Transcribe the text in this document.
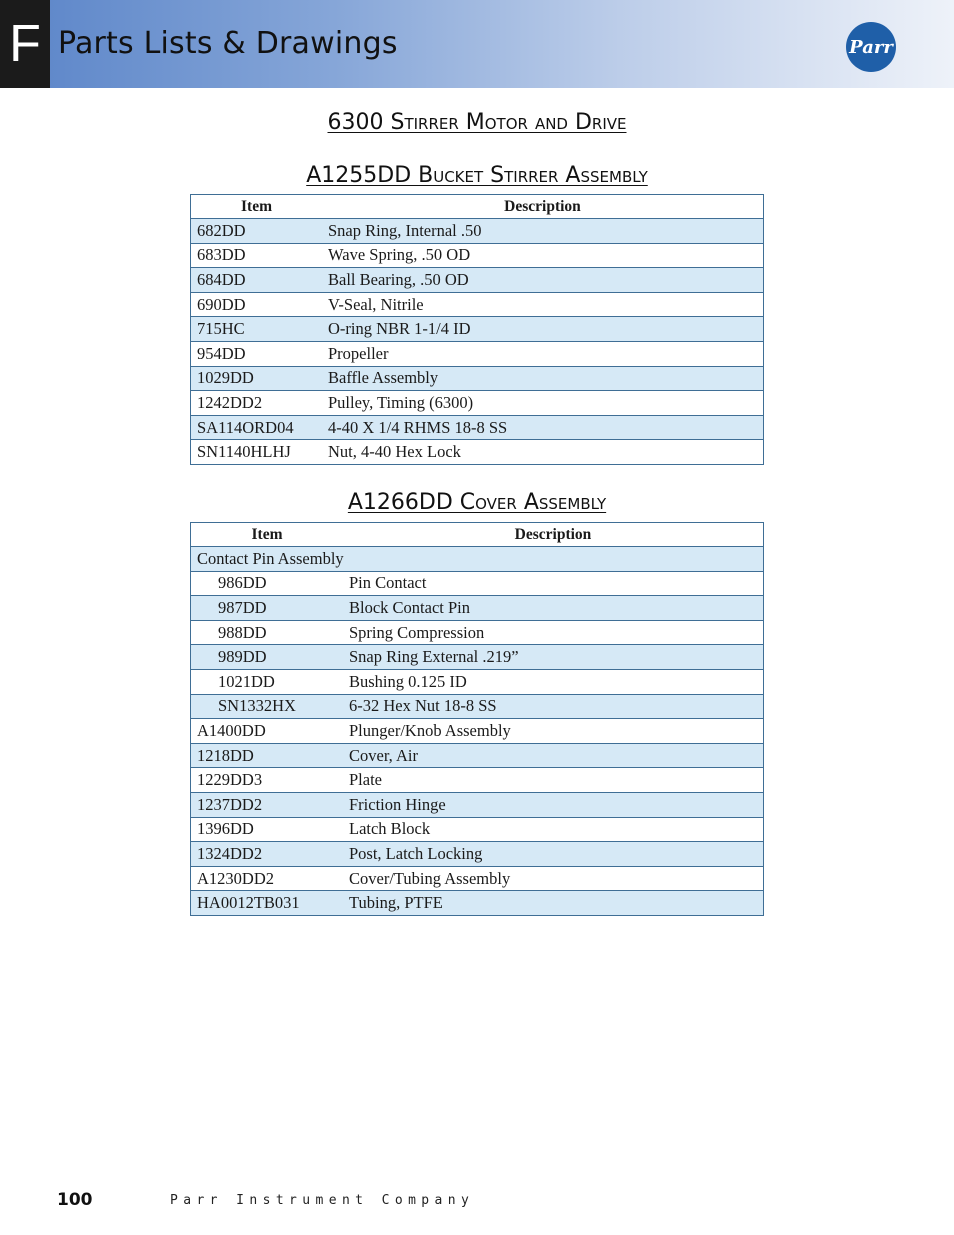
F Parts Lists & Drawings	Parr
6300 Stirrer Motor and Drive
A1255DD Bucket Stirrer Assembly
Item	Description
682DD	Snap Ring, Internal .50
683DD	Wave Spring, .50 OD
684DD	Ball Bearing, .50 OD
690DD	V-Seal, Nitrile
715HC	O-ring NBR 1-1/4 ID
954DD	Propeller
1029DD	Baffle Assembly
1242DD2	Pulley, Timing (6300)
SA114ORD04	4-40 X 1/4 RHMS 18-8 SS
SN1140HLHJ	Nut, 4-40 Hex Lock
A1266DD Cover Assembly
Item	Description
Contact Pin Assembly	
986DD	Pin Contact
987DD	Block Contact Pin
988DD	Spring Compression
989DD	Snap Ring External .219”
1021DD	Bushing 0.125 ID
SN1332HX	6-32 Hex Nut 18-8 SS
A1400DD	Plunger/Knob Assembly
1218DD	Cover, Air
1229DD3	Plate
1237DD2	Friction Hinge
1396DD	Latch Block
1324DD2	Post, Latch Locking
A1230DD2	Cover/Tubing Assembly
HA0012TB031	Tubing, PTFE
100	Parr Instrument Company
